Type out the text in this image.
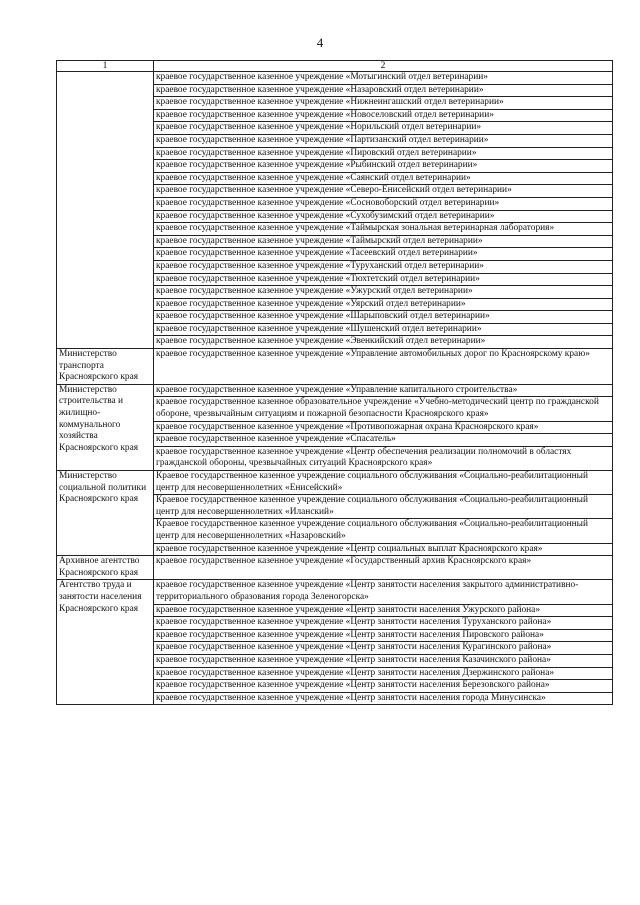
4
1	2
	краевое государственное казенное учреждение «Мотыгинский отдел ветеринарии»
	краевое государственное казенное учреждение «Назаровский отдел ветеринарии»
	краевое государственное казенное учреждение «Нижнеингашский отдел ветеринарии»
	краевое государственное казенное учреждение «Новоселовский отдел ветеринарии»
	краевое государственное казенное учреждение «Норильский отдел ветеринарии»
	краевое государственное казенное учреждение «Партизанский отдел ветеринарии»
	краевое государственное казенное учреждение «Пировский отдел ветеринарии»
	краевое государственное казенное учреждение «Рыбинский отдел ветеринарии»
	краевое государственное казенное учреждение «Саянский отдел ветеринарии»
	краевое государственное казенное учреждение «Северо-Енисейский отдел ветеринарии»
	краевое государственное казенное учреждение «Сосновоборский отдел ветеринарии»
	краевое государственное казенное учреждение «Сухобузимский отдел ветеринарии»
	краевое государственное казенное учреждение «Таймырская зональная ветеринарная лаборатория»
	краевое государственное казенное учреждение «Таймырский отдел ветеринарии»
	краевое государственное казенное учреждение «Тасеевский отдел ветеринарии»
	краевое государственное казенное учреждение «Туруханский отдел ветеринарии»
	краевое государственное казенное учреждение «Тюхтетский отдел ветеринарии»
	краевое государственное казенное учреждение «Ужурский отдел ветеринарии»
	краевое государственное казенное учреждение «Уярский отдел ветеринарии»
	краевое государственное казенное учреждение «Шарыповский отдел ветеринарии»
	краевое государственное казенное учреждение «Шушенский отдел ветеринарии»
	краевое государственное казенное учреждение «Эвенкийский отдел ветеринарии»
Министерство транспорта Красноярского края	краевое государственное казенное учреждение «Управление автомобильных дорог по Красноярскому краю»
Министерство строительства и жилищно-коммунального хозяйства Красноярского края	краевое государственное казенное учреждение «Управление капитального строительства»
	краевое государственное казенное образовательное учреждение «Учебно-методический центр по гражданской обороне, чрезвычайным ситуациям и пожарной безопасности Красноярского края»
	краевое государственное казенное учреждение «Противопожарная охрана Красноярского края»
	краевое государственное казенное учреждение «Спасатель»
	краевое государственное казенное учреждение «Центр обеспечения реализации полномочий в областях гражданской обороны, чрезвычайных ситуаций Красноярского края»
Министерство социальной политики Красноярского края	Краевое государственное казенное учреждение социального обслуживания «Социально-реабилитационный центр для несовершеннолетних «Енисейский»
	Краевое государственное казенное учреждение социального обслуживания «Социально-реабилитационный центр для несовершеннолетних «Иланский»
	Краевое государственное казенное учреждение социального обслуживания «Социально-реабилитационный центр для несовершеннолетних «Назаровский»
	краевое государственное казенное учреждение «Центр социальных выплат Красноярского края»
Архивное агентство Красноярского края	краевое государственное казенное учреждение «Государственный архив Красноярского края»
Агентство труда и занятости населения Красноярского края	краевое государственное казенное учреждение «Центр занятости населения закрытого административно-территориального образования города Зеленогорска»
	краевое государственное казенное учреждение «Центр занятости населения Ужурского района»
	краевое государственное казенное учреждение «Центр занятости населения Туруханского района»
	краевое государственное казенное учреждение «Центр занятости населения Пировского района»
	краевое государственное казенное учреждение «Центр занятости населения Курагинского района»
	краевое государственное казенное учреждение «Центр занятости населения Казачинского района»
	краевое государственное казенное учреждение «Центр занятости населения Дзержинского района»
	краевое государственное казенное учреждение «Центр занятости населения Березовского района»
	краевое государственное казенное учреждение «Центр занятости населения города Минусинска»
